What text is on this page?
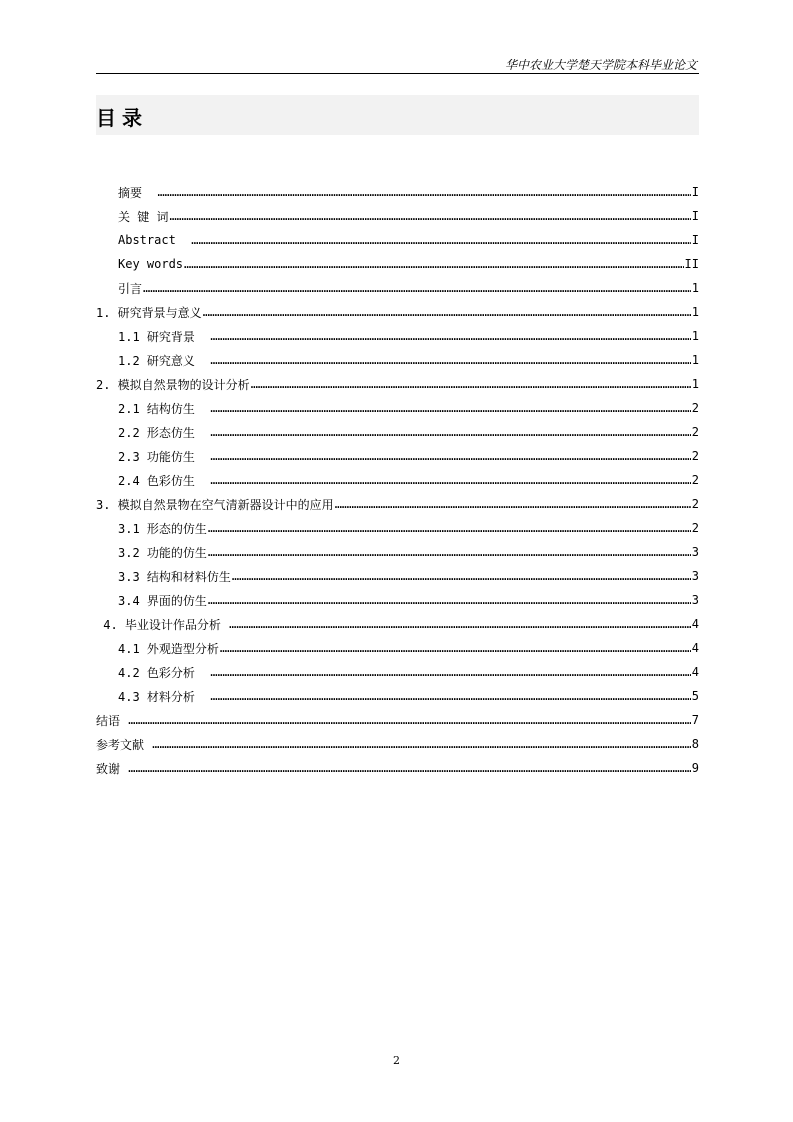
华中农业大学楚天学院本科毕业论文
目录
摘要 ……………………………………………………………………………………………………………………………………………………………………………………………………………………………………………………………………………………………………………………	I
关 键 词 ……………………………………………………………………………………………………………………………………………………………………………………………………………………………………………………………………………………………………………………	I
Abstract ……………………………………………………………………………………………………………………………………………………………………………………………………………………………………………………………………………………………………………………	I
Key words ……………………………………………………………………………………………………………………………………………………………………………………………………………………………………………………………………………………………………………………	II
引言 ……………………………………………………………………………………………………………………………………………………………………………………………………………………………………………………………………………………………………………………	1
1. 研究背景与意义 ……………………………………………………………………………………………………………………………………………………………………………………………………………………………………………………………………………………………………………………	1
1.1 研究背景 ……………………………………………………………………………………………………………………………………………………………………………………………………………………………………………………………………………………………………………………	1
1.2 研究意义 ……………………………………………………………………………………………………………………………………………………………………………………………………………………………………………………………………………………………………………………	1
2. 模拟自然景物的设计分析 ……………………………………………………………………………………………………………………………………………………………………………………………………………………………………………………………………………………………………………………	1
2.1 结构仿生 ……………………………………………………………………………………………………………………………………………………………………………………………………………………………………………………………………………………………………………………	2
2.2 形态仿生 ……………………………………………………………………………………………………………………………………………………………………………………………………………………………………………………………………………………………………………………	2
2.3 功能仿生 ……………………………………………………………………………………………………………………………………………………………………………………………………………………………………………………………………………………………………………………	2
2.4 色彩仿生 ……………………………………………………………………………………………………………………………………………………………………………………………………………………………………………………………………………………………………………………	2
3. 模拟自然景物在空气清新器设计中的应用 ……………………………………………………………………………………………………………………………………………………………………………………………………………………………………………………………………………………………………………………	2
3.1 形态的仿生 ……………………………………………………………………………………………………………………………………………………………………………………………………………………………………………………………………………………………………………………	2
3.2 功能的仿生 ……………………………………………………………………………………………………………………………………………………………………………………………………………………………………………………………………………………………………………………	3
3.3 结构和材料仿生 ……………………………………………………………………………………………………………………………………………………………………………………………………………………………………………………………………………………………………………………	3
3.4 界面的仿生 ……………………………………………………………………………………………………………………………………………………………………………………………………………………………………………………………………………………………………………………	3
4. 毕业设计作品分析 ……………………………………………………………………………………………………………………………………………………………………………………………………………………………………………………………………………………………………………………	4
4.1 外观造型分析 ……………………………………………………………………………………………………………………………………………………………………………………………………………………………………………………………………………………………………………………	4
4.2 色彩分析 ……………………………………………………………………………………………………………………………………………………………………………………………………………………………………………………………………………………………………………………	4
4.3 材料分析 ……………………………………………………………………………………………………………………………………………………………………………………………………………………………………………………………………………………………………………………	5
结语 ……………………………………………………………………………………………………………………………………………………………………………………………………………………………………………………………………………………………………………………	7
参考文献 ……………………………………………………………………………………………………………………………………………………………………………………………………………………………………………………………………………………………………………………	8
致谢 ……………………………………………………………………………………………………………………………………………………………………………………………………………………………………………………………………………………………………………………	9
2
